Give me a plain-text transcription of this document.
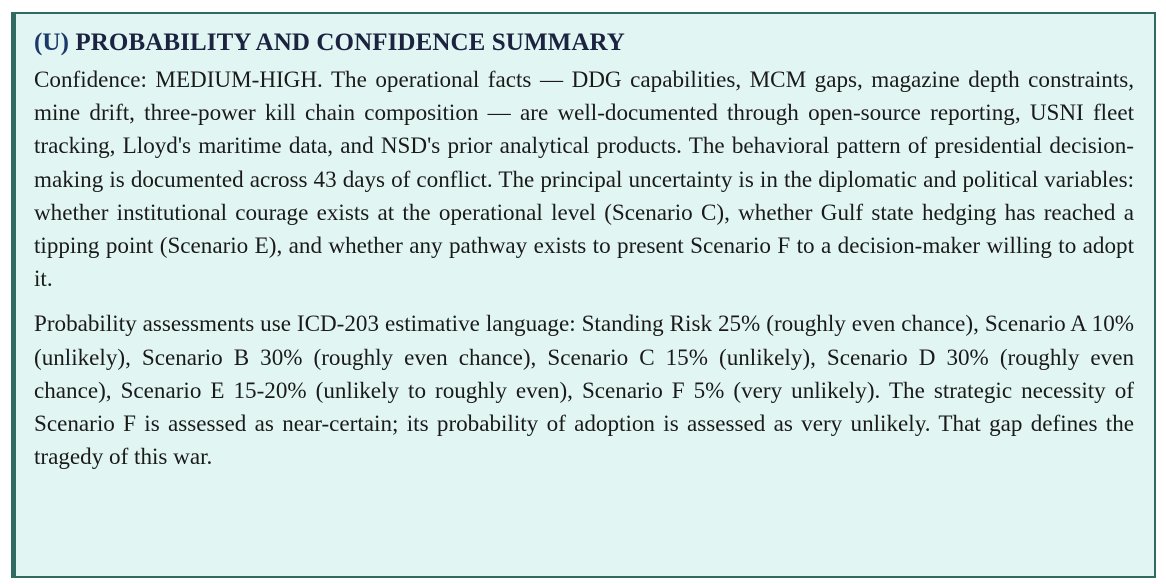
(U) PROBABILITY AND CONFIDENCE SUMMARY

Confidence: MEDIUM-HIGH. The operational facts — DDG capabilities, MCM gaps, magazine depth constraints, mine drift, three-power kill chain composition — are well-documented through open-source reporting, USNI fleet tracking, Lloyd's maritime data, and NSD's prior analytical products. The behavioral pattern of presidential decision-making is documented across 43 days of conflict. The principal uncertainty is in the diplomatic and political variables: whether institutional courage exists at the operational level (Scenario C), whether Gulf state hedging has reached a tipping point (Scenario E), and whether any pathway exists to present Scenario F to a decision-maker willing to adopt it.

Probability assessments use ICD-203 estimative language: Standing Risk 25% (roughly even chance), Scenario A 10% (unlikely), Scenario B 30% (roughly even chance), Scenario C 15% (unlikely), Scenario D 30% (roughly even chance), Scenario E 15-20% (unlikely to roughly even), Scenario F 5% (very unlikely). The strategic necessity of Scenario F is assessed as near-certain; its probability of adoption is assessed as very unlikely. That gap defines the tragedy of this war.
